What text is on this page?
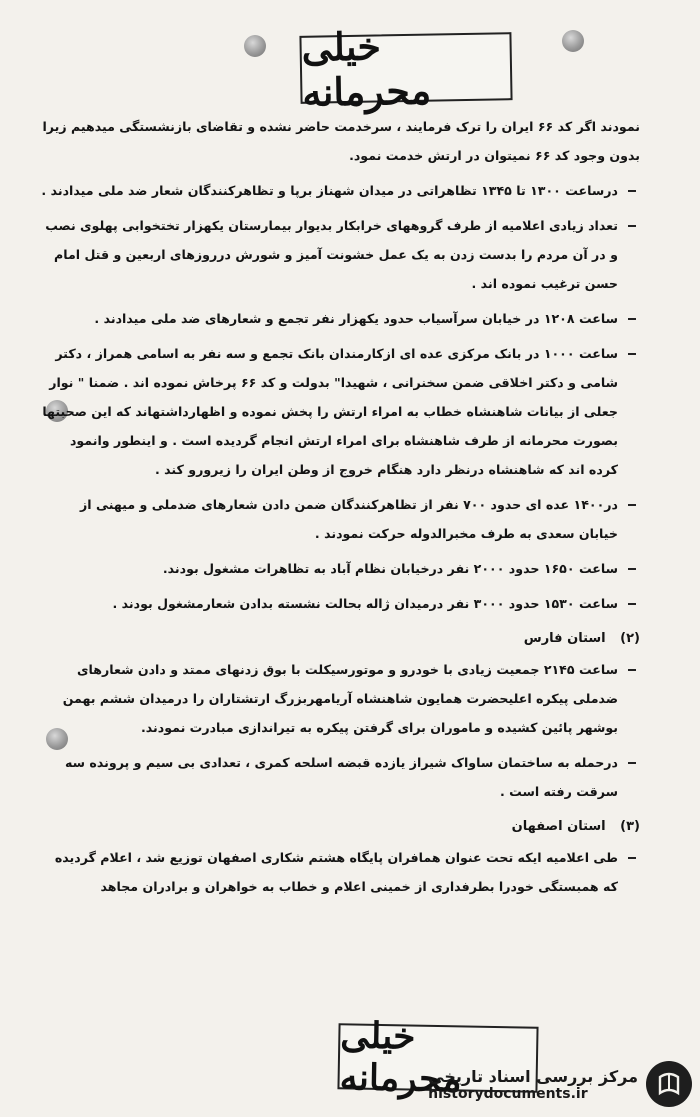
خیلی محرمانه

نمودند اگر کد ۶۶ ایران را ترک فرمایند ، سرخدمت حاضر نشده و تقاضای بازنشستگی میدهیم زیرا بدون وجود کد ۶۶ نمیتوان در ارتش خدمت نمود.

درساعت ۱۳۰۰ تا ۱۳۴۵ تظاهراتی در میدان شهناز برپا و تظاهرکنندگان شعار ضد ملی میدادند .

تعداد زیادی اعلامیه از طرف گروههای خرابکار بدیوار بیمارستان یکهزار تختخوابی پهلوی نصب و در آن مردم را بدست زدن به یک عمل خشونت آمیز و شورش درروزهای اربعین و قتل امام حسن ترغیب نموده اند .

ساعت ۱۲۰۸ در خیابان سرآسیاب حدود یکهزار نفر تجمع و شعارهای ضد ملی میدادند .

ساعت ۱۰۰۰ در بانک مرکزی عده ای ازکارمندان بانک تجمع و سه نفر به اسامی همراز ، دکتر شامی و دکتر اخلاقی ضمن سخنرانی ، شهیدا" بدولت و کد ۶۶ پرخاش نموده اند . ضمنا " نوار جعلی از بیانات شاهنشاه خطاب به امراء ارتش را پخش نموده و اظهارداشتهاند که این صحبتها بصورت محرمانه از طرف شاهنشاه برای امراء ارتش انجام گردیده است . و اینطور وانمود کرده اند که شاهنشاه درنظر دارد هنگام خروج از وطن ایران را زیرورو کند .

در۱۴۰۰ عده ای حدود ۷۰۰ نفر از تظاهرکنندگان ضمن دادن شعارهای ضدملی و میهنی از خیابان سعدی به طرف مخبرالدوله حرکت نمودند .

ساعت ۱۶۵۰ حدود ۲۰۰۰ نفر درخیابان نظام آباد به تظاهرات مشغول بودند.

ساعت ۱۵۳۰ حدود ۳۰۰۰ نفر درمیدان ژاله بحالت نشسته بدادن شعارمشغول بودند .

(۲) استان فارس

ساعت ۲۱۴۵ جمعیت زیادی با خودرو و موتورسیکلت با بوق زدنهای ممتد و دادن شعارهای ضدملی پیکره اعلیحضرت همایون شاهنشاه آریامهربزرگ ارتشتاران را درمیدان ششم بهمن بوشهر پائین کشیده و ماموران برای گرفتن پیکره به تیراندازی مبادرت نمودند.

درحمله به ساختمان ساواک شیراز یازده قبضه اسلحه کمری ، تعدادی بی سیم و پرونده سه سرقت رفته است .

(۳) استان اصفهان

طی اعلامیه ایکه تحت عنوان همافران پایگاه هشتم شکاری اصفهان توزیع شد ، اعلام گردیده که همبستگی خودرا بطرفداری از خمینی اعلام و خطاب به خواهران و برادران مجاهد

خیلی محرمانه
مرکز بررسی اسناد تاریخی
historydocuments.ir
